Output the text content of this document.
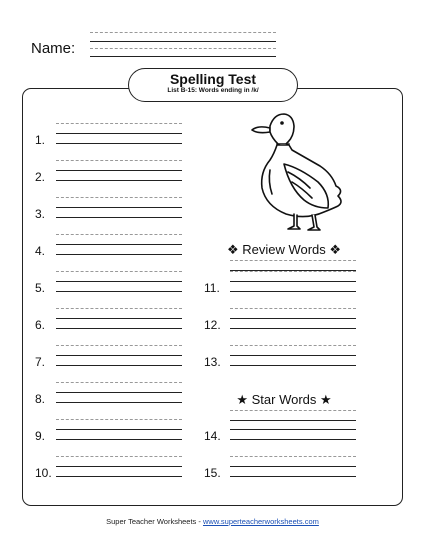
Name:
Spelling Test
List B-15: Words ending in /k/
1.
2.
3.
4.
5.
6.
7.
8.
9.
10.
❖ Review Words ❖
11.
12.
13.
★ Star Words ★
14.
15.
Super Teacher Worksheets - www.superteacherworksheets.com
